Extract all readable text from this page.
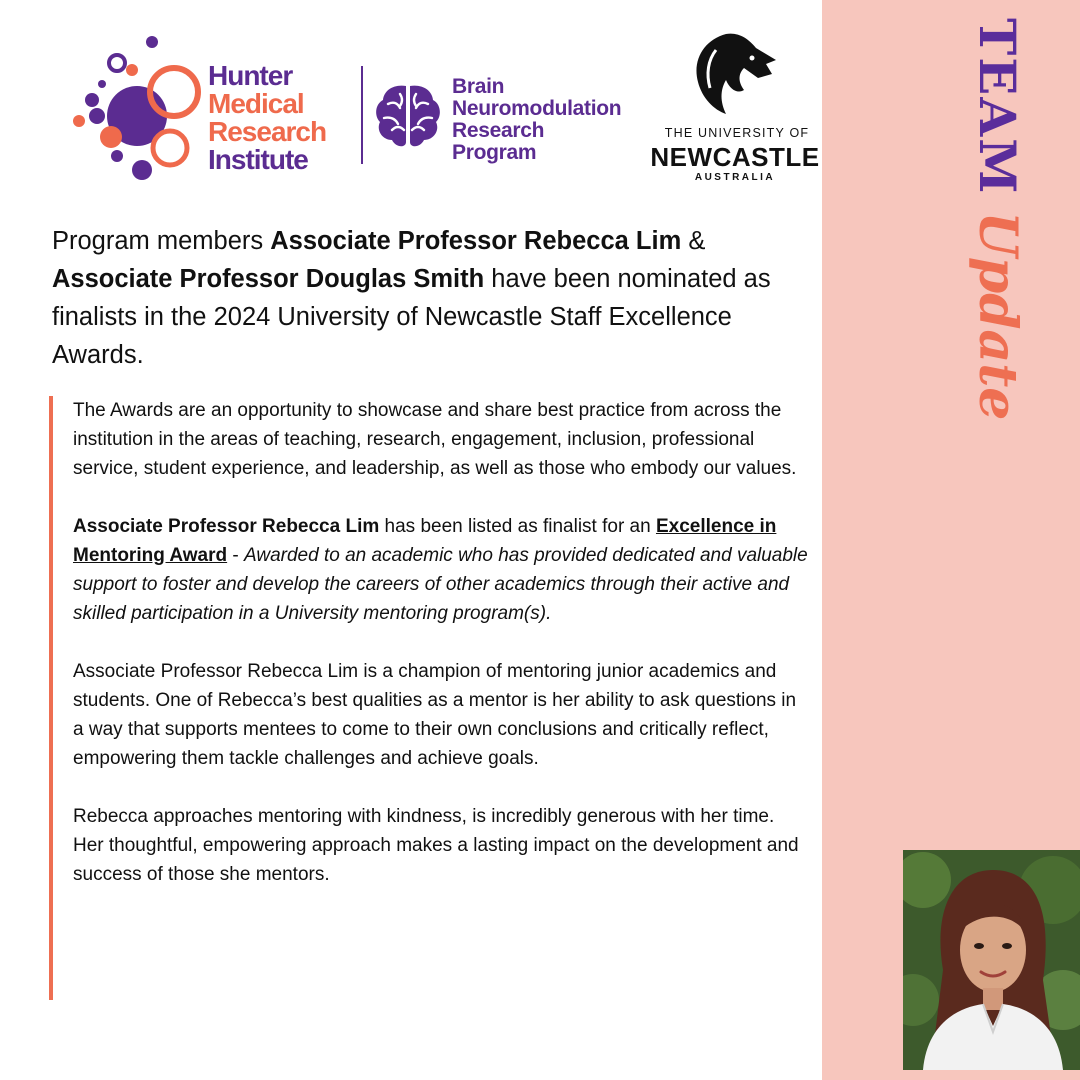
TEAM
Update
Hunter
Medical
Research
Institute
Brain
Neuromodulation
Research
Program
THE UNIVERSITY OF
NEWCASTLE
AUSTRALIA
Program members Associate Professor Rebecca Lim & Associate Professor Douglas Smith have been nominated as finalists in the 2024 University of Newcastle Staff Excellence Awards.

The Awards are an opportunity to showcase and share best practice from across the institution in the areas of teaching, research, engagement, inclusion, professional service, student experience, and leadership, as well as those who embody our values.

Associate Professor Rebecca Lim has been listed as finalist for an Excellence in Mentoring Award - Awarded to an academic who has provided dedicated and valuable support to foster and develop the careers of other academics through their active and skilled participation in a University mentoring program(s).

Associate Professor Rebecca Lim is a champion of mentoring junior academics and students. One of Rebecca’s best qualities as a mentor is her ability to ask questions in a way that supports mentees to come to their own conclusions and critically reflect, empowering them tackle challenges and achieve goals.

Rebecca approaches mentoring with kindness, is incredibly generous with her time. Her thoughtful, empowering approach makes a lasting impact on the development and success of those she mentors.
